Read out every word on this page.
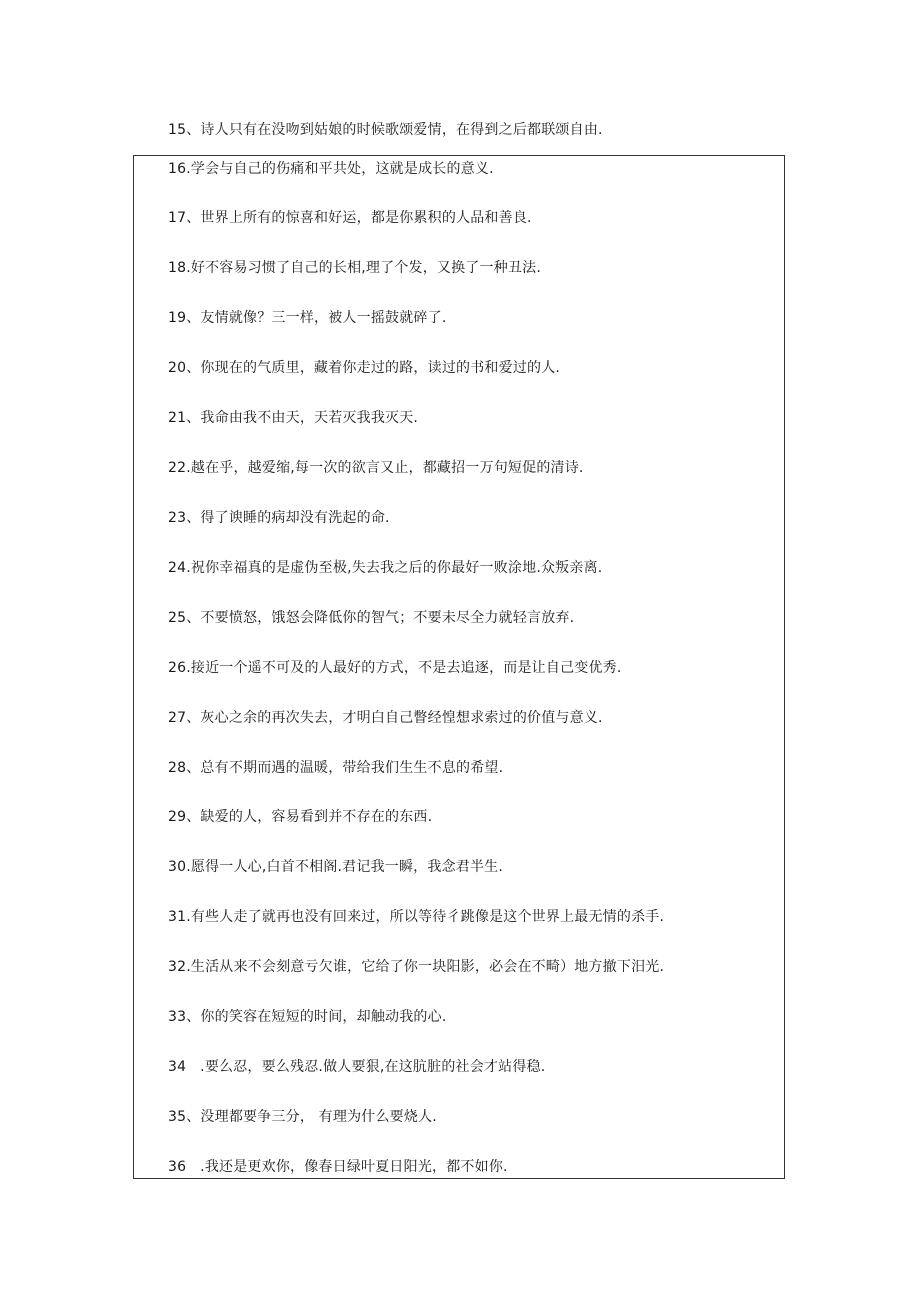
15、诗人只有在没吻到姑娘的时候歌颂爱情，在得到之后都联颂自由.
16.学会与自己的伤痛和平共处，这就是成长的意义.
17、世界上所有的惊喜和好运，都是你累积的人品和善良.
18.好不容易习惯了自己的长相,理了个发，又换了一种丑法.
19、友情就像？三一样，被人一摇鼓就碎了.
20、你现在的气质里，藏着你走过的路，读过的书和爱过的人.
21、我命由我不由天，天若灭我我灭天.
22.越在乎，越爱缩,每一次的欲言又止，都藏招一万句短促的清诗.
23、得了谀睡的病却没有洗起的命.
24.祝你幸福真的是虚伪至极,失去我之后的你最好一败涂地.众叛亲离.
25、不要愤怒，饿怒会降低你的智气；不要未尽全力就轻言放弃.
26.接近一个遥不可及的人最好的方式，不是去追逐，而是让自己变优秀.
27、灰心之余的再次失去，才明白自己瞥经惶想求索过的价值与意义.
28、总有不期而遇的温暖，带给我们生生不息的希望.
29、缺爱的人，容易看到并不存在的东西.
30.愿得一人心,白首不相阁.君记我一瞬，我念君半生.
31.有些人走了就再也没有回来过，所以等待彳跳像是这个世界上最无情的杀手.
32.生活从来不会刻意亏欠谁，它给了你一块阳影，必会在不畸）地方撤下汨光.
33、你的笑容在短短的时间，却触动我的心.
34   .要么忍，要么残忍.做人要狠,在这肮脏的社会才站得稳.
35、没理都要争三分， 有理为什么要烧人.
36   .我还是更欢你，像春日绿叶夏日阳光，都不如你.
